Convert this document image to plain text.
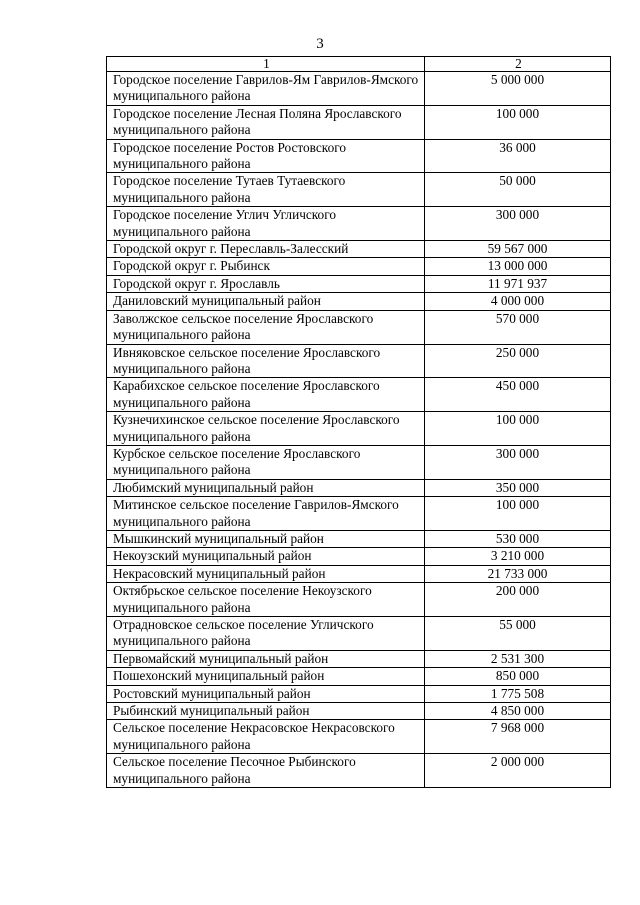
3
1	2
Городское поселение Гаврилов-Ям Гаврилов-Ямского муниципального района	5 000 000
Городское поселение Лесная Поляна Ярославского муниципального района	100 000
Городское поселение Ростов Ростовского муниципального района	36 000
Городское поселение Тутаев Тутаевского муниципального района	50 000
Городское поселение Углич Угличского муниципального района	300 000
Городской округ г. Переславль-Залесский	59 567 000
Городской округ г. Рыбинск	13 000 000
Городской округ г. Ярославль	11 971 937
Даниловский муниципальный район	4 000 000
Заволжское сельское поселение Ярославского муниципального района	570 000
Ивняковское сельское поселение Ярославского муниципального района	250 000
Карабихское сельское поселение Ярославского муниципального района	450 000
Кузнечихинское сельское поселение Ярославского муниципального района	100 000
Курбское сельское поселение Ярославского муниципального района	300 000
Любимский муниципальный район	350 000
Митинское сельское поселение Гаврилов-Ямского муниципального района	100 000
Мышкинский муниципальный район	530 000
Некоузский муниципальный район	3 210 000
Некрасовский муниципальный район	21 733 000
Октябрьское сельское поселение Некоузского муниципального района	200 000
Отрадновское сельское поселение Угличского муниципального района	55 000
Первомайский муниципальный район	2 531 300
Пошехонский муниципальный район	850 000
Ростовский муниципальный район	1 775 508
Рыбинский муниципальный район	4 850 000
Сельское поселение Некрасовское Некрасовского муниципального района	7 968 000
Сельское поселение Песочное Рыбинского муниципального района	2 000 000
